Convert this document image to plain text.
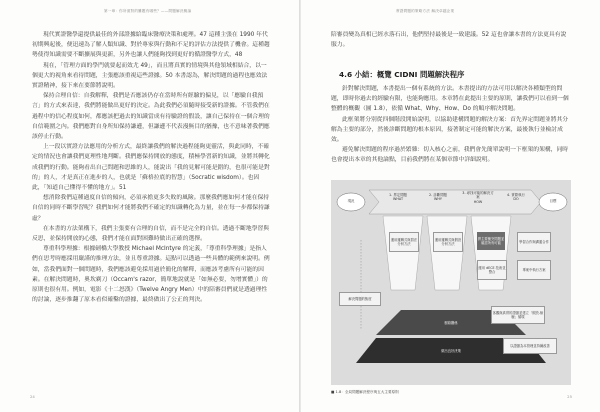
第一章：你所面對的難題有哪些？——問題解決概論

現代實證醫學還提供最佳的外部證據給臨床醫療決策和處理。47 這種主張在 1990 年代初期興起後，便迅速為了解人類知識、對於專家與行動和不足的評估方法提供了機會。這種趨勢使得知識需要不斷擴展與更新，另外也讓人們能夠找到更好的循證醫學方式，48

現在，「管理方面的學門就要起而效尤 49」，而且將真實的情境與其他領域相結合，以一個更大的視角來看待問題，主張應該重視這些證據。50 本書認為，解決問題的過程也應效法實證精神，接下來在要節將說明。

保持合理自信：自我解釋，我們是否應該仍存在當時所有經驗的偏見，以「應驗自我預言」的方式來表達，我們將能做出更好的決定。為此我們必須隨時接受新的證據。不管我們在過程中的信心程度如何，都應該把過去的知識當成有待驗證的假設，讓自己保持在一個合理的自信範圍之內。我們應對自身所知保持謙遜，但謙遜不代表漫無目的猶豫，也不意味著我們應該停止行動。

上一段以實證方法應用的分析方式，最終讓我們的解決過程能夠更靈活，與此同時，不確定的情況也會讓我們更理性地判斷。我們應保持開放的態度，積極學習新的知識，並將其轉化成我們的行動。能夠看出自己問題和思維的人，能說出「我的見解可能是錯的，也很可能是對的」的人，才是真正在進步的人，也就是「蘇格拉底的智慧」（Socratic wisdom）。也因此，「知道自己懂得不懂的地方」。51

想消除我們這種過度自信的傾向，必須承擔更多失敗的風險。那麼我們應如何才能在保持自信的同時不斷學習呢？我們如何才能將我們不確定的知識轉化為力量，並在每一步都保持謙虛？

在本書的方法架構下，我們主張要有合理的自信，而不是完全的自信。透過不斷地學習與反思，並保持開放的心態，我們才能在面對困難時做出正確的選擇。

尊重科學理據：根據劍橋大學教授 Michael McIntyre 的定義，「尊重科學理據」是指人們在思考時應採用嚴謹的推理方法，並且尊重證據。這點可以透過一些具體的範例來說明。例如，當我們面對一個問題時，我們應該避免採用過於簡化的解釋，而應該考慮所有可能的因素。在解決問題時，奧坎剃刀（Occam's razor，簡單地說就是「如無必要，勿增實體」）的原則也很有用。例如，電影《十二怒漢》（Twelve Angry Men）中的陪審員們就是透過理性的討論，逐步推翻了原本看似確鑿的證據，最終做出了公正的判決。

24
實證問題的策略方法 解決卓越企業

陪審員變為真相已經水落石出，他們堅持最後是一致建議。52 這也會讓本書的方法更具有說服力。

4.6 小結：概覽 CIDNI 問題解決程序

針對解決問題，本書提出一個有系統的方法。本書提出的方法可用以解決各種類型的問題，即時你過去的經驗有限，也能夠應用。本章將在此提出主要的原則，讓我們可以看到一個整體的概觀（圖 1.8），依循 What、Why、How、Do 的順序解決問題。

此框架將分別從四個階段開始說明，以協助建構問題的解決方案：首先界定問題並將其分解為主要的部分，然後診斷問題的根本原因，接著制定可能的解決方案，最後執行並檢討成效。

避免解決問題的程序過於繁雜：切入核心之前，我們會先簡單說明一下框架的架構，同時也會提出本章的其他論點，目前我們將在某個章節中詳細說明。

現況	目標
1. 界定問題
WHAT
2. 診斷問題
WHY
3. 尋找可能的解決方案
HOW
4. 實際執行
DO
運用邏輯式與寫法分析方法
運用邏輯式與假設分析方法
運用 dECE 技術並整合
學習合作與溝通合作
將主要衝突問題並確認所有可能
專案中執行方案
解決問題的態度
樹絡關係
做出良好決策
客觀與真實的證據並建立「假設-檢驗」循環
以證據為本管理並持續改善
■ 1.8：全局問題解決程序與五大主要原則
25
